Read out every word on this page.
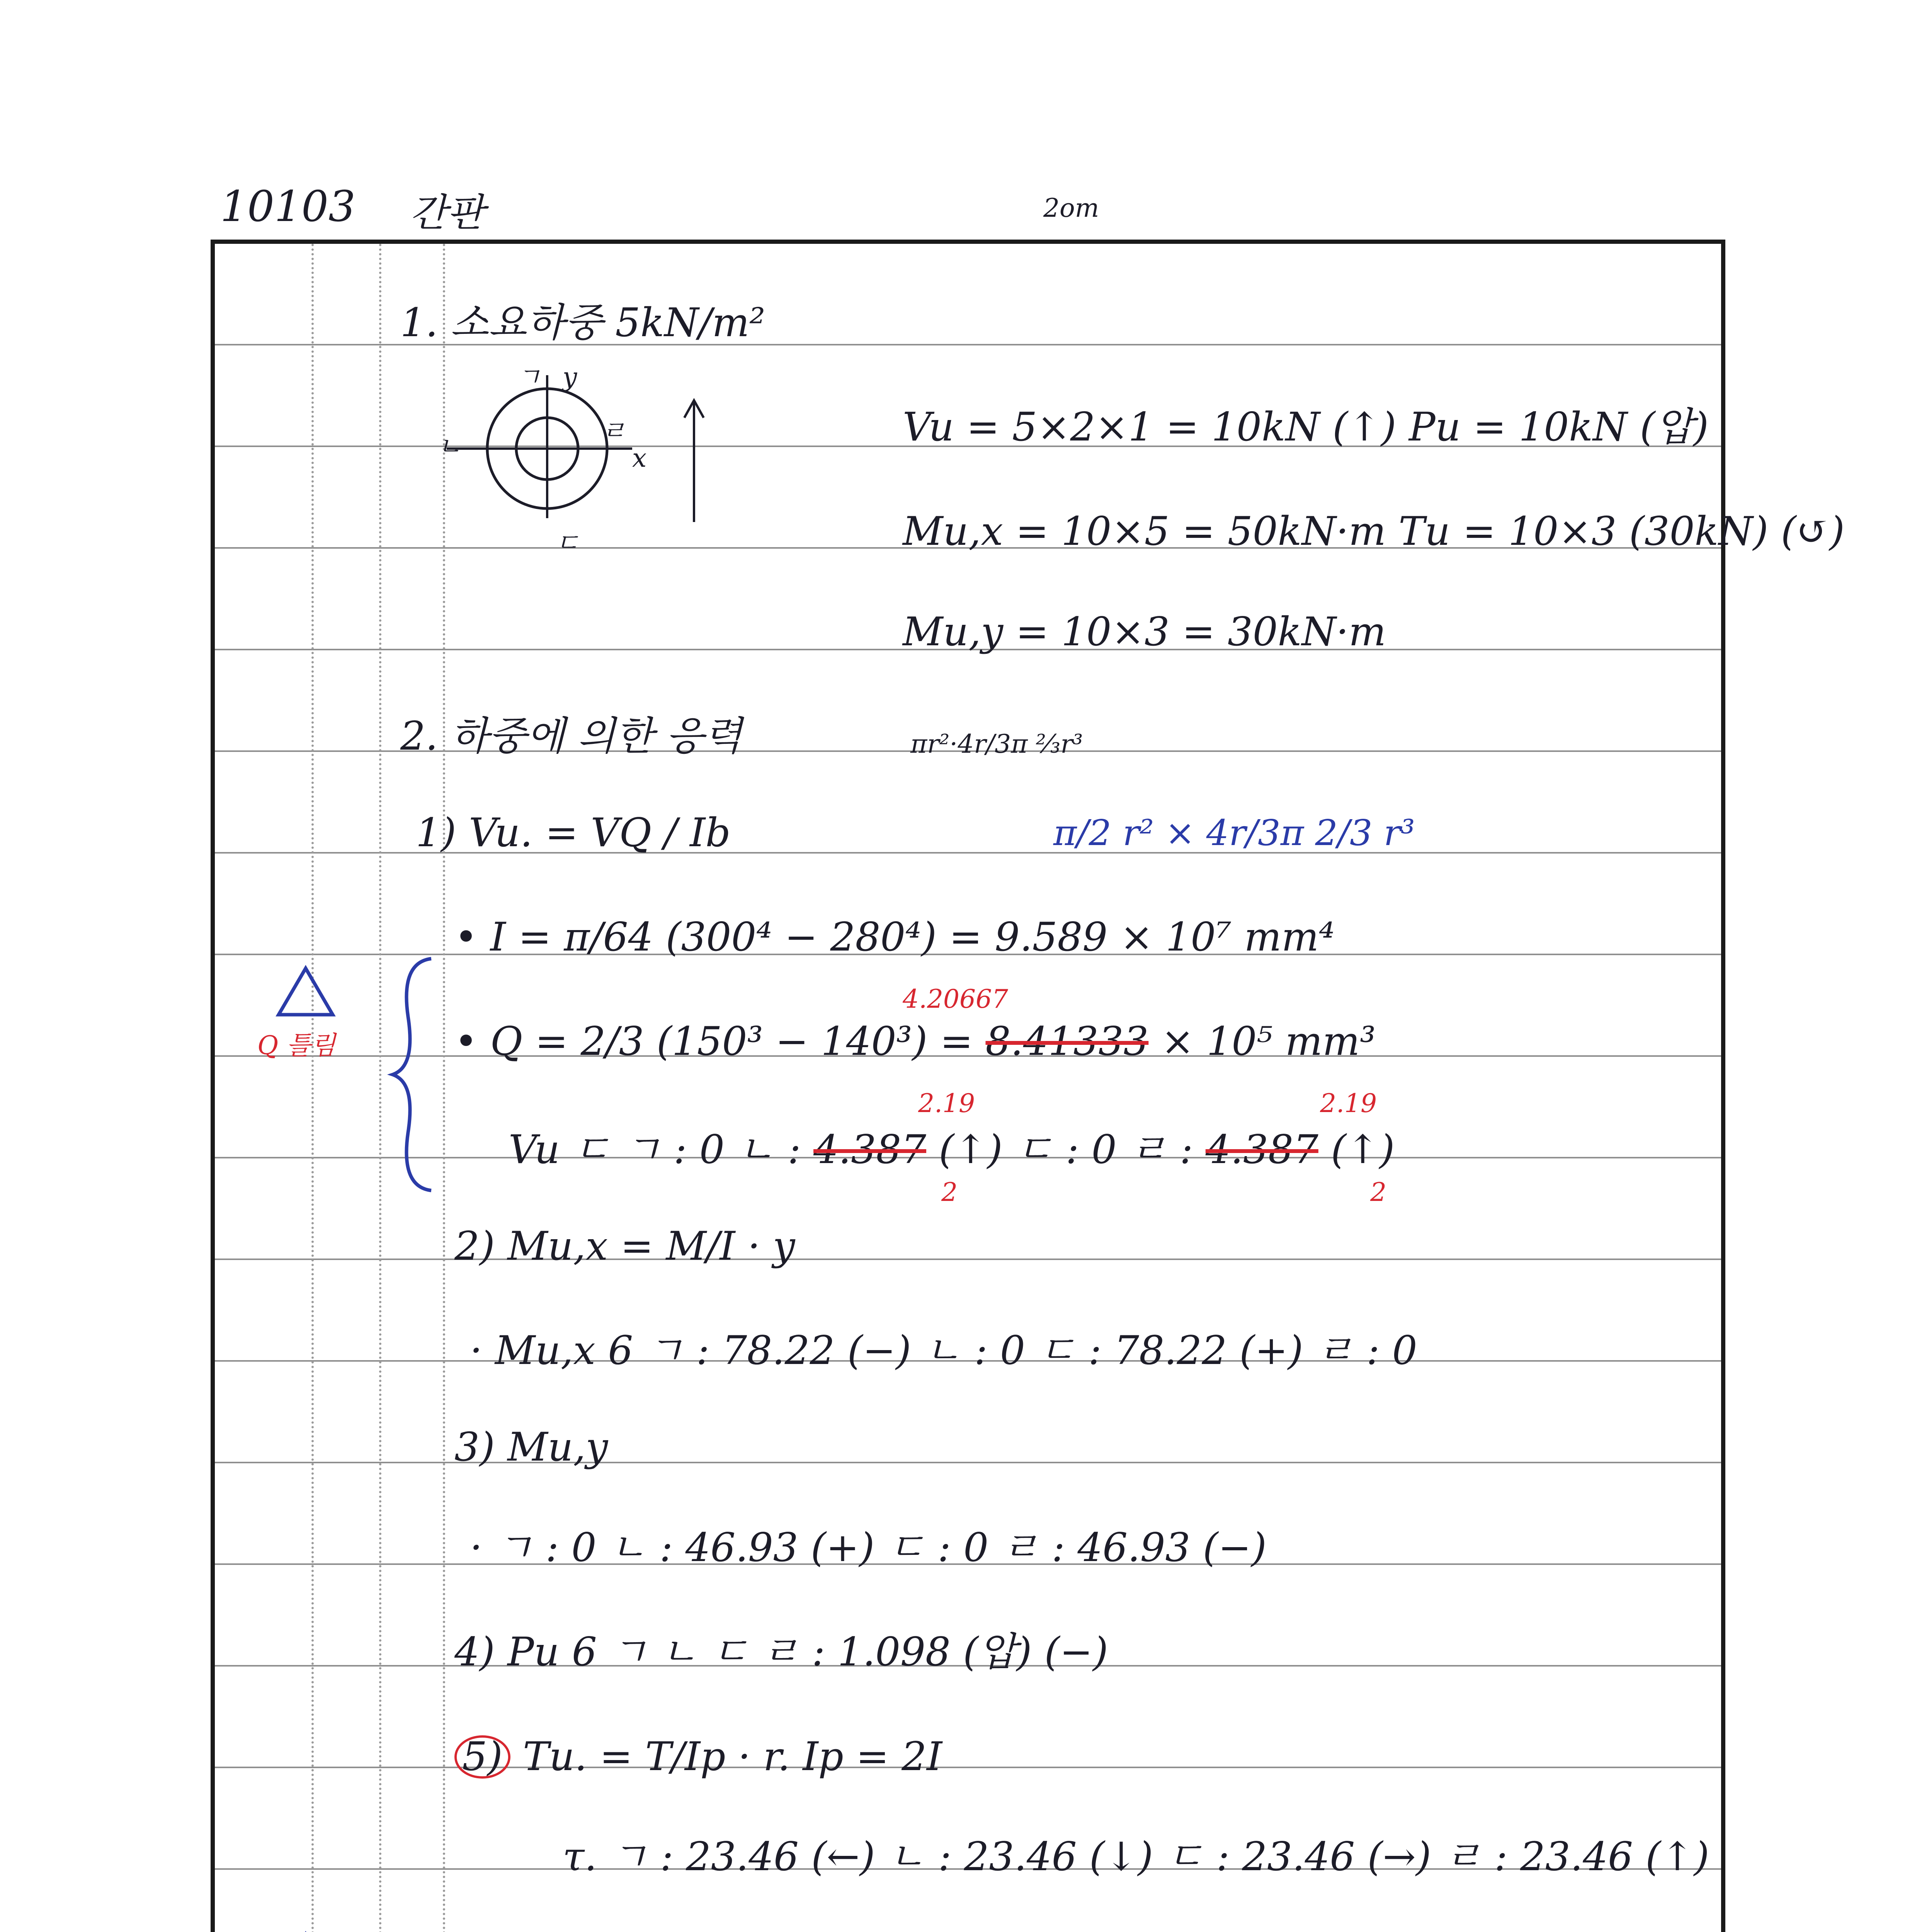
10103 간판	2om
1. 소요하중 5kN/m²
ㄱ y
ㄴ
ㄹ
x
ㄷ
Vu = 5×2×1 = 10kN (↑) Pu = 10kN (압)
Mu,x = 10×5 = 50kN·m Tu = 10×3 (30kN) (↺)
Mu,y = 10×3 = 30kN·m
2. 하중에 의한 응력	πr²·4r/3π ⅔r³
1) Vu. = VQ / Ib	π/2 r² × 4r/3π 2/3 r³
• I = π/64 (300⁴ − 280⁴) = 9.589 × 10⁷ mm⁴
4.20667
• Q = 2/3 (150³ − 140³) = 8.41333 × 10⁵ mm³
2.19	2.19
Vu ㄷ ㄱ : 0 ㄴ : 4.387 (↑) ㄷ : 0 ㄹ : 4.387 (↑)
2	2
Q 틀림
2) Mu,x = M/I · y
· Mu,x 6 ㄱ : 78.22 (−) ㄴ : 0 ㄷ : 78.22 (+) ㄹ : 0
3) Mu,y
· ㄱ : 0 ㄴ : 46.93 (+) ㄷ : 0 ㄹ : 46.93 (−)
4) Pu 6 ㄱ ㄴ ㄷ ㄹ : 1.098 (압) (−)
5) Tu. = T/Ip · r. Ip = 2I
τ. ㄱ : 23.46 (←) ㄴ : 23.46 (↓) ㄷ : 23.46 (→) ㄹ : 23.46 (↑)
